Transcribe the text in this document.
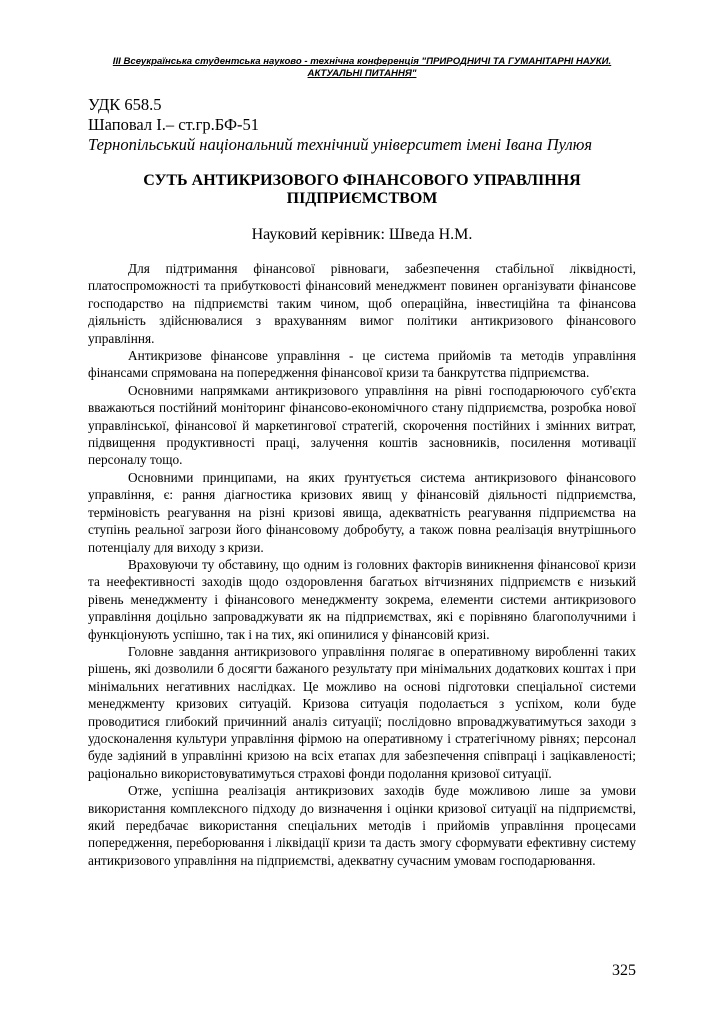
ІІІ Всеукраїнська студентська науково - технічна конференція "ПРИРОДНИЧІ ТА ГУМАНІТАРНІ НАУКИ.
АКТУАЛЬНІ ПИТАННЯ"
УДК 658.5
Шаповал І.– ст.гр.БФ-51
Тернопільський національний технічний університет імені Івана Пулюя
СУТЬ АНТИКРИЗОВОГО ФІНАНСОВОГО УПРАВЛІННЯ
ПІДПРИЄМСТВОМ
Науковий керівник: Шведа Н.М.

Для підтримання фінансової рівноваги, забезпечення стабільної ліквідності, платоспроможності та прибутковості фінансовий менеджмент повинен організувати фінансове господарство на підприємстві таким чином, щоб операційна, інвестиційна та фінансова діяльність здійснювалися з врахуванням вимог політики антикризового фінансового управління.

Антикризове фінансове управління - це система прийомів та методів управління фінансами спрямована на попередження фінансової кризи та банкрутства підприємства.

Основними напрямками антикризового управління на рівні господарюючого суб'єкта вважаються постійний моніторинг фінансово-економічного стану підприємства, розробка нової управлінської, фінансової й маркетингової стратегій, скорочення постійних і змінних витрат, підвищення продуктивності праці, залучення коштів засновників, посилення мотивації персоналу тощо.

Основними принципами, на яких ґрунтується система антикризового фінансового управління, є: рання діагностика кризових явищ у фінансовій діяльності підприємства, терміновість реагування на різні кризові явища, адекватність реагування підприємства на ступінь реальної загрози його фінансовому добробуту, а також повна реалізація внутрішнього потенціалу для виходу з кризи.

Враховуючи ту обставину, що одним із головних факторів виникнення фінансової кризи та неефективності заходів щодо оздоровлення багатьох вітчизняних підприємств є низький рівень менеджменту і фінансового менеджменту зокрема, елементи системи антикризового управління доцільно запроваджувати як на підприємствах, які є порівняно благополучними і функціонують успішно, так і на тих, які опинилися у фінансовій кризі.

Головне завдання антикризового управління полягає в оперативному виробленні таких рішень, які дозволили б досягти бажаного результату при мінімальних додаткових коштах і при мінімальних негативних наслідках. Це можливо на основі підготовки спеціальної системи менеджменту кризових ситуацій. Кризова ситуація подолається з успіхом, коли буде проводитися глибокий причинний аналіз ситуації; послідовно впроваджуватимуться заходи з удосконалення культури управління фірмою на оперативному і стратегічному рівнях; персонал буде задіяний в управлінні кризою на всіх етапах для забезпечення співпраці і зацікавленості; раціонально використовуватимуться страхові фонди подолання кризової ситуації.

Отже, успішна реалізація антикризових заходів буде можливою лише за умови використання комплексного підходу до визначення і оцінки кризової ситуації на підприємстві, який передбачає використання спеціальних методів і прийомів управління процесами попередження, переборювання і ліквідації кризи та дасть змогу сформувати ефективну систему антикризового управління на підприємстві, адекватну сучасним умовам господарювання.

325
